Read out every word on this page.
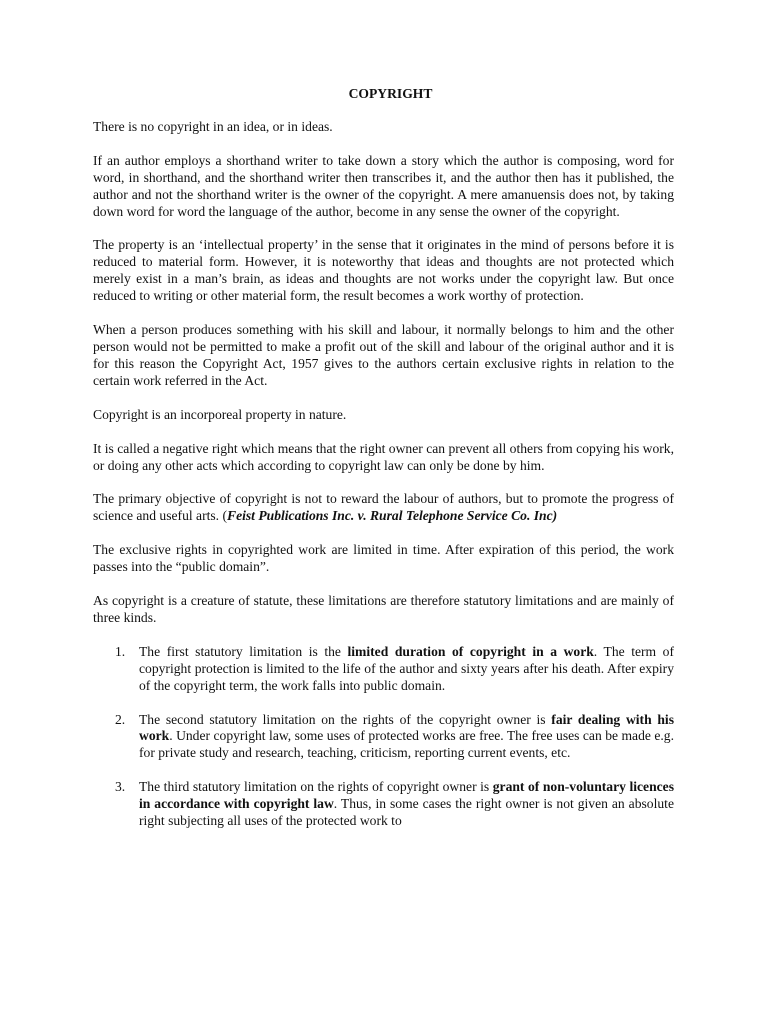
COPYRIGHT

There is no copyright in an idea, or in ideas.

If an author employs a shorthand writer to take down a story which the author is composing, word for word, in shorthand, and the shorthand writer then transcribes it, and the author then has it published, the author and not the shorthand writer is the owner of the copyright. A mere amanuensis does not, by taking down word for word the language of the author, become in any sense the owner of the copyright.

The property is an ‘intellectual property’ in the sense that it originates in the mind of persons before it is reduced to material form. However, it is noteworthy that ideas and thoughts are not protected which merely exist in a man’s brain, as ideas and thoughts are not works under the copyright law. But once reduced to writing or other material form, the result becomes a work worthy of protection.

When a person produces something with his skill and labour, it normally belongs to him and the other person would not be permitted to make a profit out of the skill and labour of the original author and it is for this reason the Copyright Act, 1957 gives to the authors certain exclusive rights in relation to the certain work referred in the Act.

Copyright is an incorporeal property in nature.

It is called a negative right which means that the right owner can prevent all others from copying his work, or doing any other acts which according to copyright law can only be done by him.

The primary objective of copyright is not to reward the labour of authors, but to promote the progress of science and useful arts. (Feist Publications Inc. v. Rural Telephone Service Co. Inc)

The exclusive rights in copyrighted work are limited in time. After expiration of this period, the work passes into the “public domain”.

As copyright is a creature of statute, these limitations are therefore statutory limitations and are mainly of three kinds.

1. The first statutory limitation is the limited duration of copyright in a work. The term of copyright protection is limited to the life of the author and sixty years after his death. After expiry of the copyright term, the work falls into public domain.
2. The second statutory limitation on the rights of the copyright owner is fair dealing with his work. Under copyright law, some uses of protected works are free. The free uses can be made e.g. for private study and research, teaching, criticism, reporting current events, etc.
3. The third statutory limitation on the rights of copyright owner is grant of non-voluntary licences in accordance with copyright law. Thus, in some cases the right owner is not given an absolute right subjecting all uses of the protected work to
